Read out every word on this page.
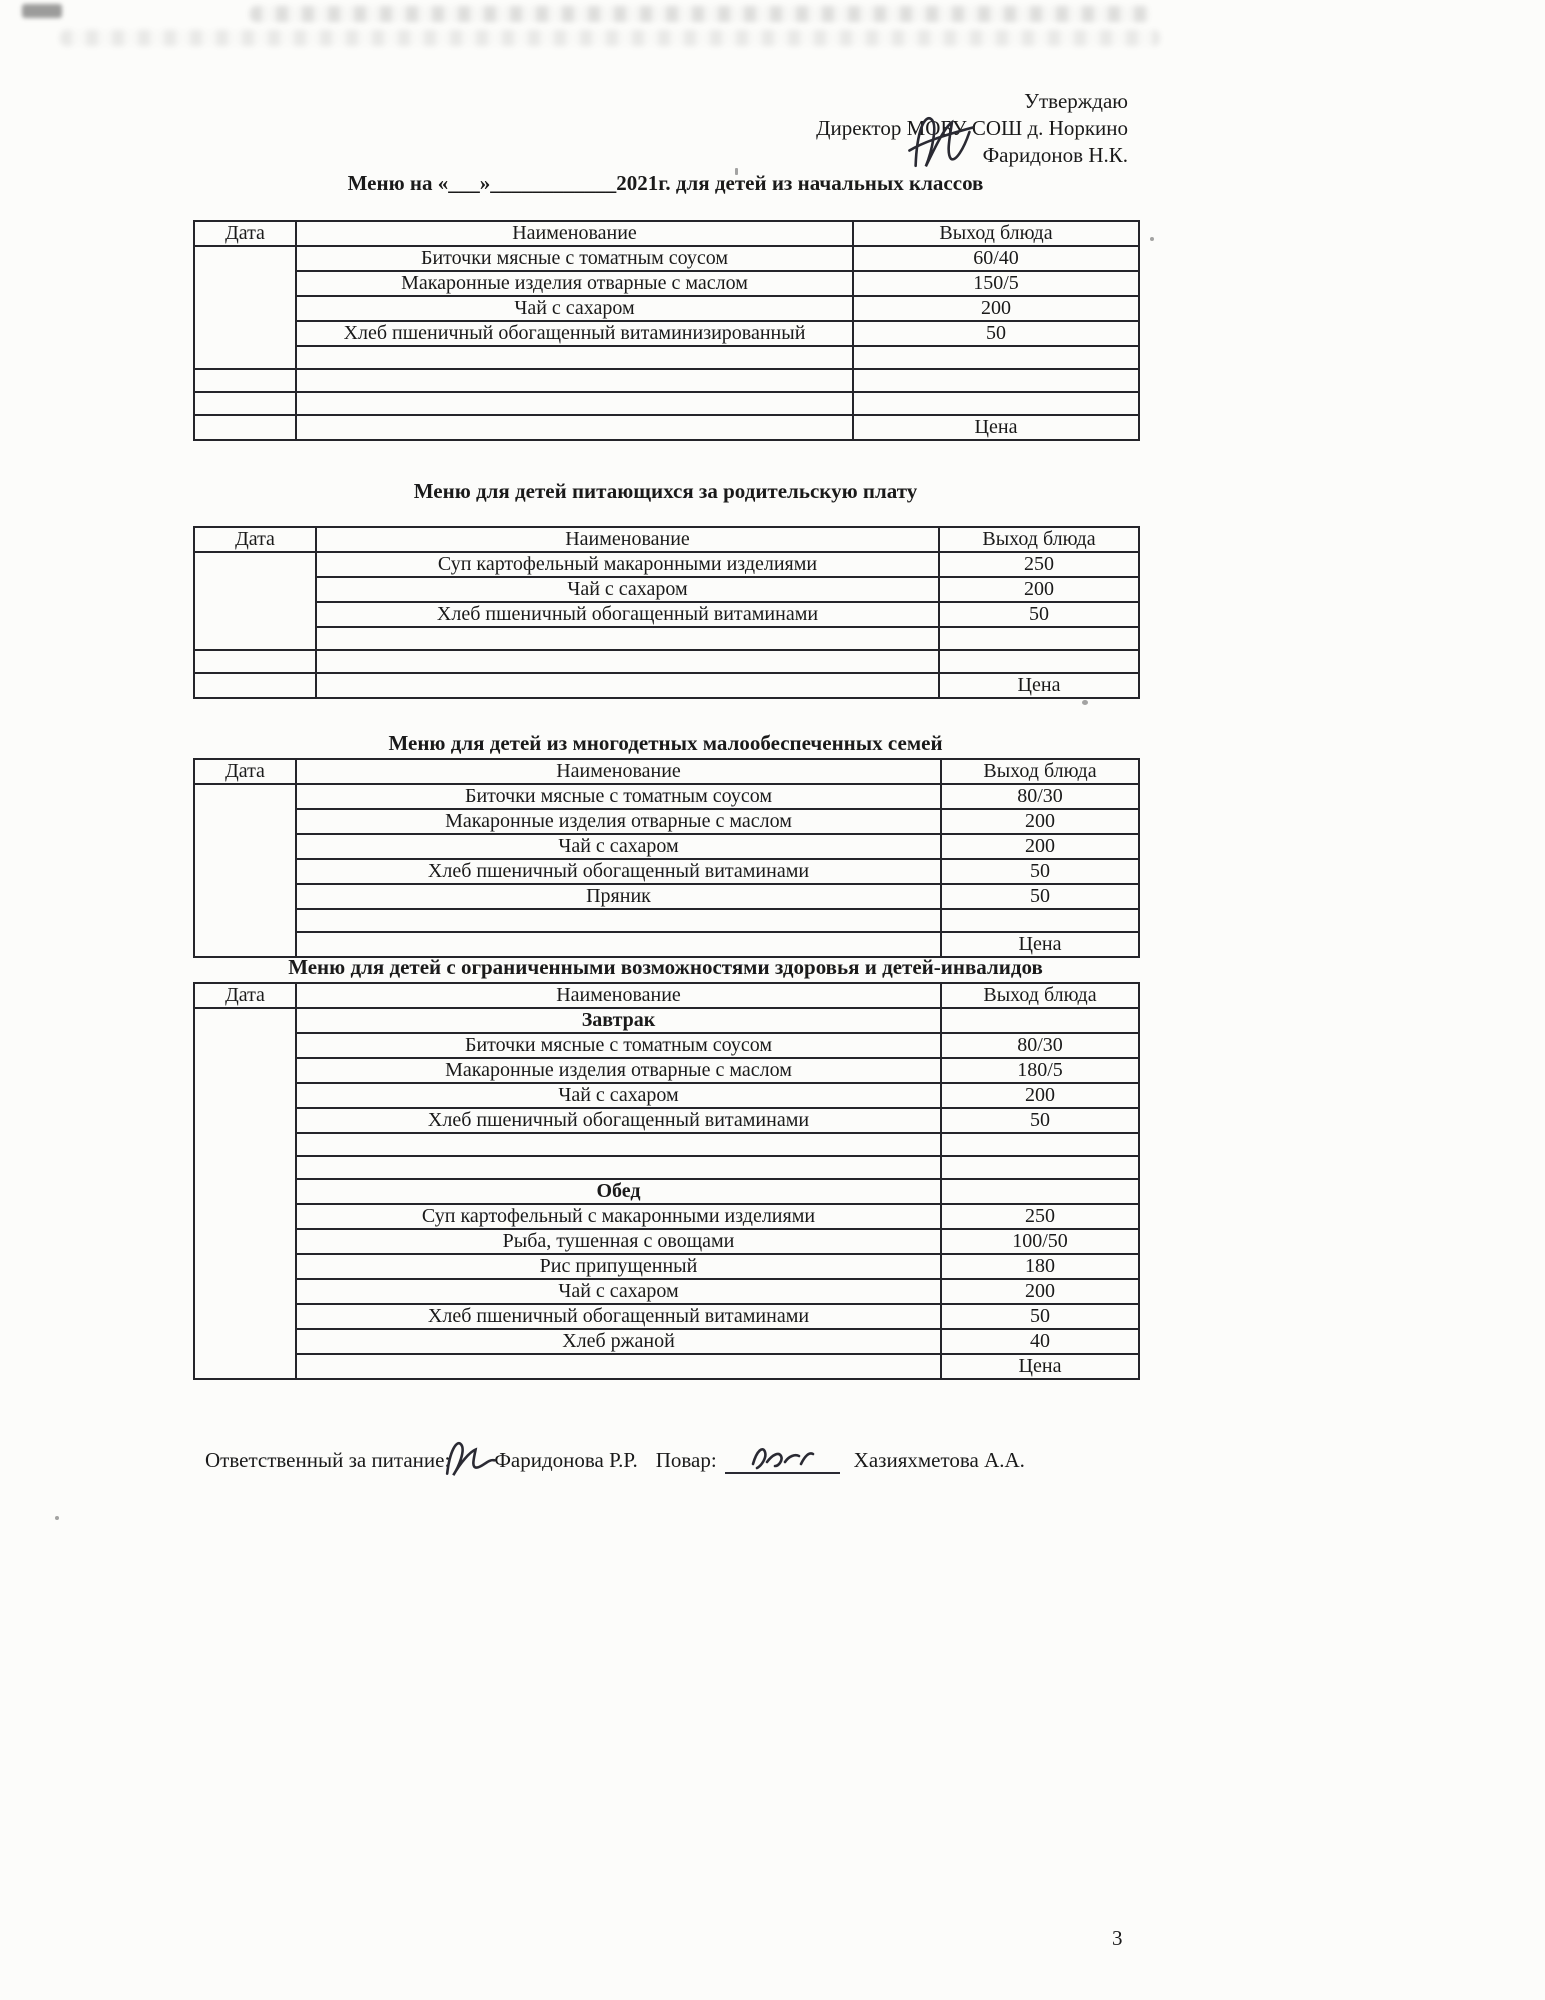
Утверждаю
Директор МОБУ СОШ д. Норкино
Фаридонов Н.К.
Меню на «___»____________2021г. для детей из начальных классов
Дата	Наименование	Выход блюда
	Биточки мясные с томатным соусом	60/40
	Макаронные изделия отварные с маслом	150/5
	Чай с сахаром	200
	Хлеб пшеничный обогащенный витаминизированный	50

		Цена
Меню для детей питающихся за родительскую плату
Дата	Наименование	Выход блюда
	Суп картофельный макаронными изделиями	250
	Чай с сахаром	200
	Хлеб пшеничный обогащенный витаминами	50

		Цена
Меню для детей из многодетных малообеспеченных семей
Дата	Наименование	Выход блюда
	Биточки мясные с томатным соусом	80/30
	Макаронные изделия отварные с маслом	200
	Чай с сахаром	200
	Хлеб пшеничный обогащенный витаминами	50
	Пряник	50

		Цена
Меню для детей с ограниченными возможностями здоровья и детей-инвалидов
Дата	Наименование	Выход блюда
	Завтрак	
	Биточки мясные с томатным соусом	80/30
	Макаронные изделия отварные с маслом	180/5
	Чай с сахаром	200
	Хлеб пшеничный обогащенный витаминами	50

	Обед	
	Суп картофельный с макаронными изделиями	250
	Рыба, тушенная с овощами	100/50
	Рис припущенный	180
	Чай с сахаром	200
	Хлеб пшеничный обогащенный витаминами	50
	Хлеб ржаной	40
		Цена
Ответственный за питание: Фаридонова Р.Р. Повар:	Хазияхметова А.А.
3
